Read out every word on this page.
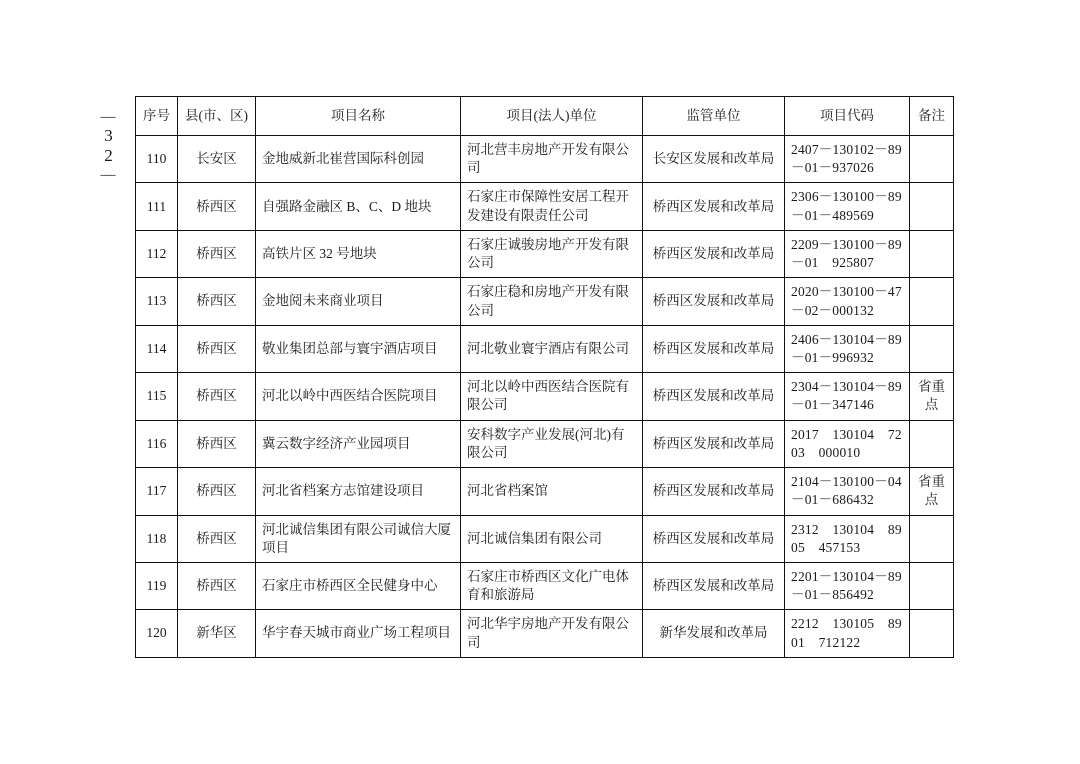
—
32
—
序号	县(市、区)	项目名称	项目(法人)单位	监管单位	项目代码	备注
110	长安区	金地威新北崔营国际科创园	河北营丰房地产开发有限公司	长安区发展和改革局	2407－130102－89－01－937026	
111	桥西区	自强路金融区 B、C、D 地块	石家庄市保障性安居工程开发建设有限责任公司	桥西区发展和改革局	2306－130100－89－01－489569	
112	桥西区	高铁片区 32 号地块	石家庄诚骏房地产开发有限公司	桥西区发展和改革局	2209－130100－89－01　925807	
113	桥西区	金地阅未来商业项目	石家庄稳和房地产开发有限公司	桥西区发展和改革局	2020－130100－47－02－000132	
114	桥西区	敬业集团总部与寰宇酒店项目	河北敬业寰宇酒店有限公司	桥西区发展和改革局	2406－130104－89－01－996932	
115	桥西区	河北以岭中西医结合医院项目	河北以岭中西医结合医院有限公司	桥西区发展和改革局	2304－130104－89－01－347146	省重点
116	桥西区	冀云数字经济产业园项目	安科数字产业发展(河北)有限公司	桥西区发展和改革局	2017　130104　72　03　000010	
117	桥西区	河北省档案方志馆建设项目	河北省档案馆	桥西区发展和改革局	2104－130100－04－01－686432	省重点
118	桥西区	河北诚信集团有限公司诚信大厦项目	河北诚信集团有限公司	桥西区发展和改革局	2312　130104　89　05　457153	
119	桥西区	石家庄市桥西区全民健身中心	石家庄市桥西区文化广电体育和旅游局	桥西区发展和改革局	2201－130104－89－01－856492	
120	新华区	华宇春天城市商业广场工程项目	河北华宇房地产开发有限公司	新华发展和改革局	2212　130105　89　01　712122	
